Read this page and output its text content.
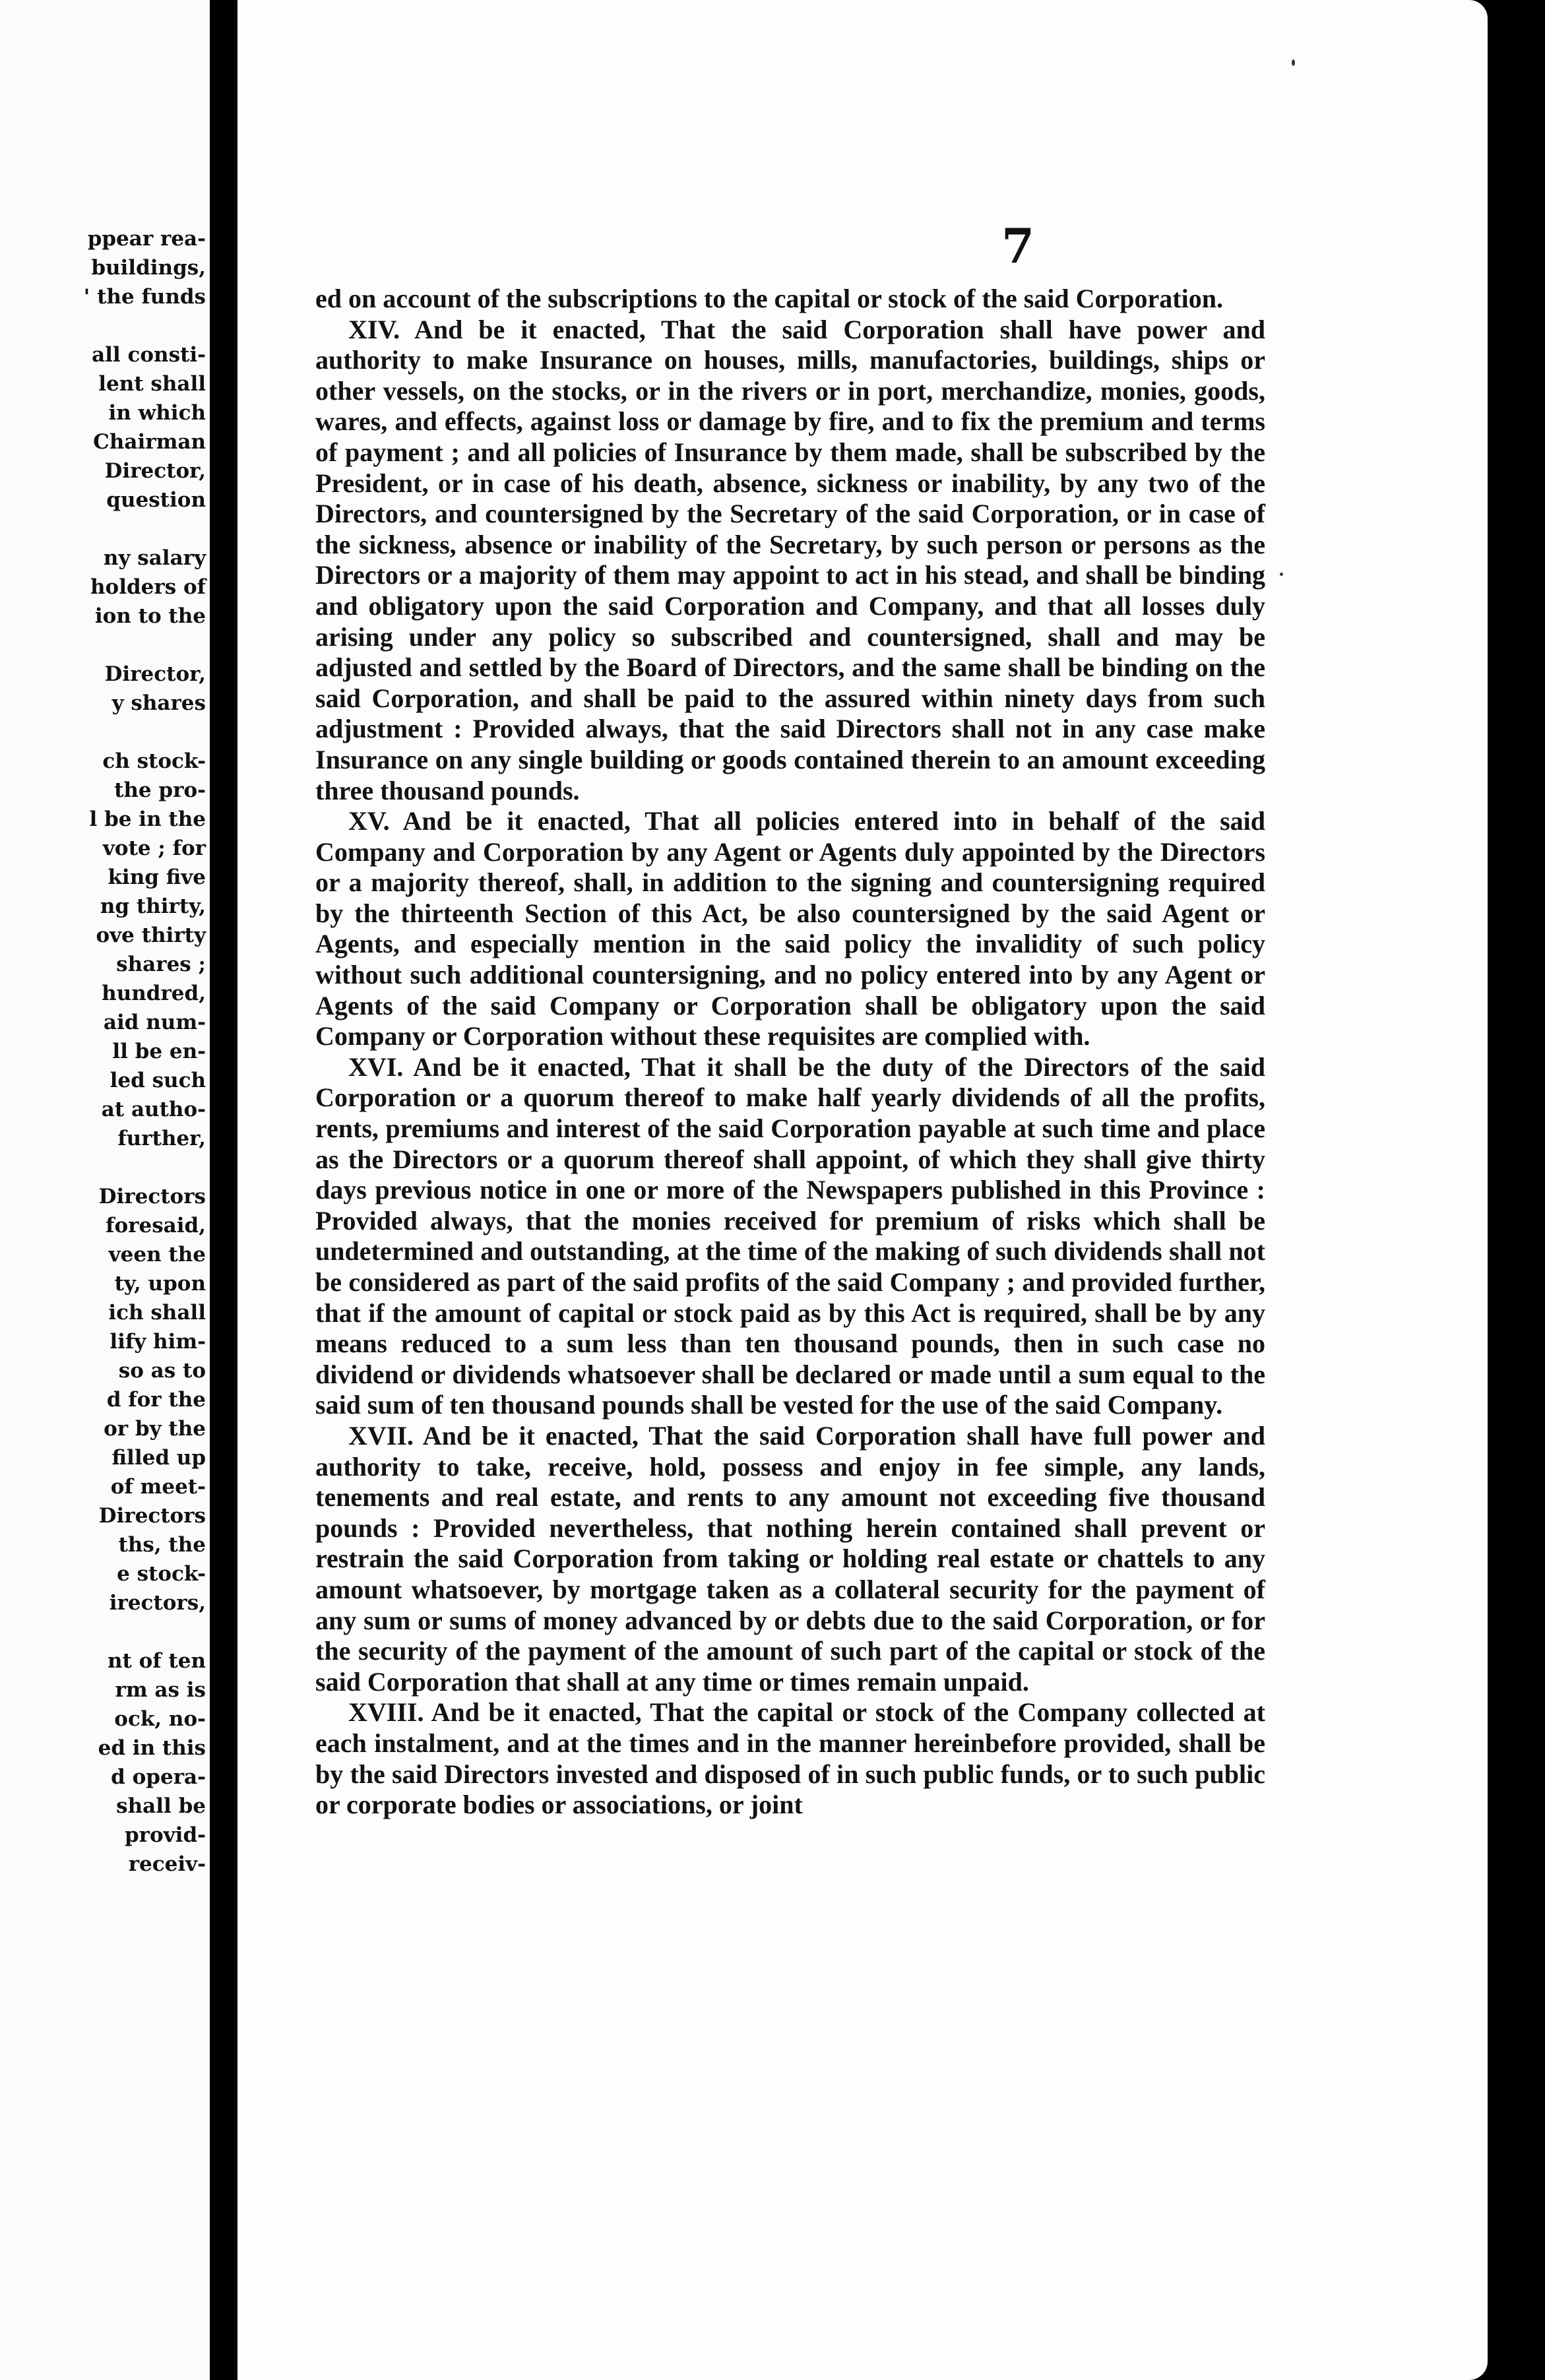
ppear rea-
buildings,
' the funds
all consti-
lent shall
in which
Chairman
Director,
question
ny salary
holders of
ion to the
Director,
y shares
ch stock-
the pro-
l be in the
vote ; for
king five
ng thirty,
ove thirty
shares ;
hundred,
aid num-
ll be en-
led such
at autho-
further,
Directors
foresaid,
veen the
ty, upon
ich shall
lify him-
so as to
d for the
or by the
filled up
of meet-
Directors
ths, the
e stock-
irectors,
nt of ten
rm as is
ock, no-
ed in this
d opera-
shall be
provid-
receiv-
7

ed on account of the subscriptions to the capital or stock of the said Corporation.

XIV. And be it enacted, That the said Corporation shall have power and authority to make Insurance on houses, mills, manufactories, buildings, ships or other vessels, on the stocks, or in the rivers or in port, merchandize, monies, goods, wares, and effects, against loss or damage by fire, and to fix the premium and terms of payment ; and all policies of Insurance by them made, shall be subscribed by the President, or in case of his death, absence, sickness or inability, by any two of the Directors, and countersigned by the Secretary of the said Corporation, or in case of the sickness, absence or inability of the Secretary, by such person or persons as the Directors or a majority of them may appoint to act in his stead, and shall be binding and obligatory upon the said Corporation and Company, and that all losses duly arising under any policy so subscribed and countersigned, shall and may be adjusted and settled by the Board of Directors, and the same shall be binding on the said Corporation, and shall be paid to the assured within ninety days from such adjustment : Provided always, that the said Directors shall not in any case make Insurance on any single building or goods contained therein to an amount exceeding three thousand pounds.

XV. And be it enacted, That all policies entered into in behalf of the said Company and Corporation by any Agent or Agents duly appointed by the Directors or a majority thereof, shall, in addition to the signing and countersigning required by the thirteenth Section of this Act, be also countersigned by the said Agent or Agents, and especially mention in the said policy the invalidity of such policy without such additional countersigning, and no policy entered into by any Agent or Agents of the said Company or Corporation shall be obligatory upon the said Company or Corporation without these requisites are complied with.

XVI. And be it enacted, That it shall be the duty of the Directors of the said Corporation or a quorum thereof to make half yearly dividends of all the profits, rents, premiums and interest of the said Corporation payable at such time and place as the Directors or a quorum thereof shall appoint, of which they shall give thirty days previous notice in one or more of the Newspapers published in this Province : Provided always, that the monies received for premium of risks which shall be undetermined and outstanding, at the time of the making of such dividends shall not be considered as part of the said profits of the said Company ; and provided further, that if the amount of capital or stock paid as by this Act is required, shall be by any means reduced to a sum less than ten thousand pounds, then in such case no dividend or dividends whatsoever shall be declared or made until a sum equal to the said sum of ten thousand pounds shall be vested for the use of the said Company.

XVII. And be it enacted, That the said Corporation shall have full power and authority to take, receive, hold, possess and enjoy in fee simple, any lands, tenements and real estate, and rents to any amount not exceeding five thousand pounds : Provided nevertheless, that nothing herein contained shall prevent or restrain the said Corporation from taking or holding real estate or chattels to any amount whatsoever, by mortgage taken as a collateral security for the payment of any sum or sums of money advanced by or debts due to the said Corporation, or for the security of the payment of the amount of such part of the capital or stock of the said Corporation that shall at any time or times remain unpaid.

XVIII. And be it enacted, That the capital or stock of the Company collected at each instalment, and at the times and in the manner hereinbefore provided, shall be by the said Directors invested and disposed of in such public funds, or to such public or corporate bodies or associations, or joint
